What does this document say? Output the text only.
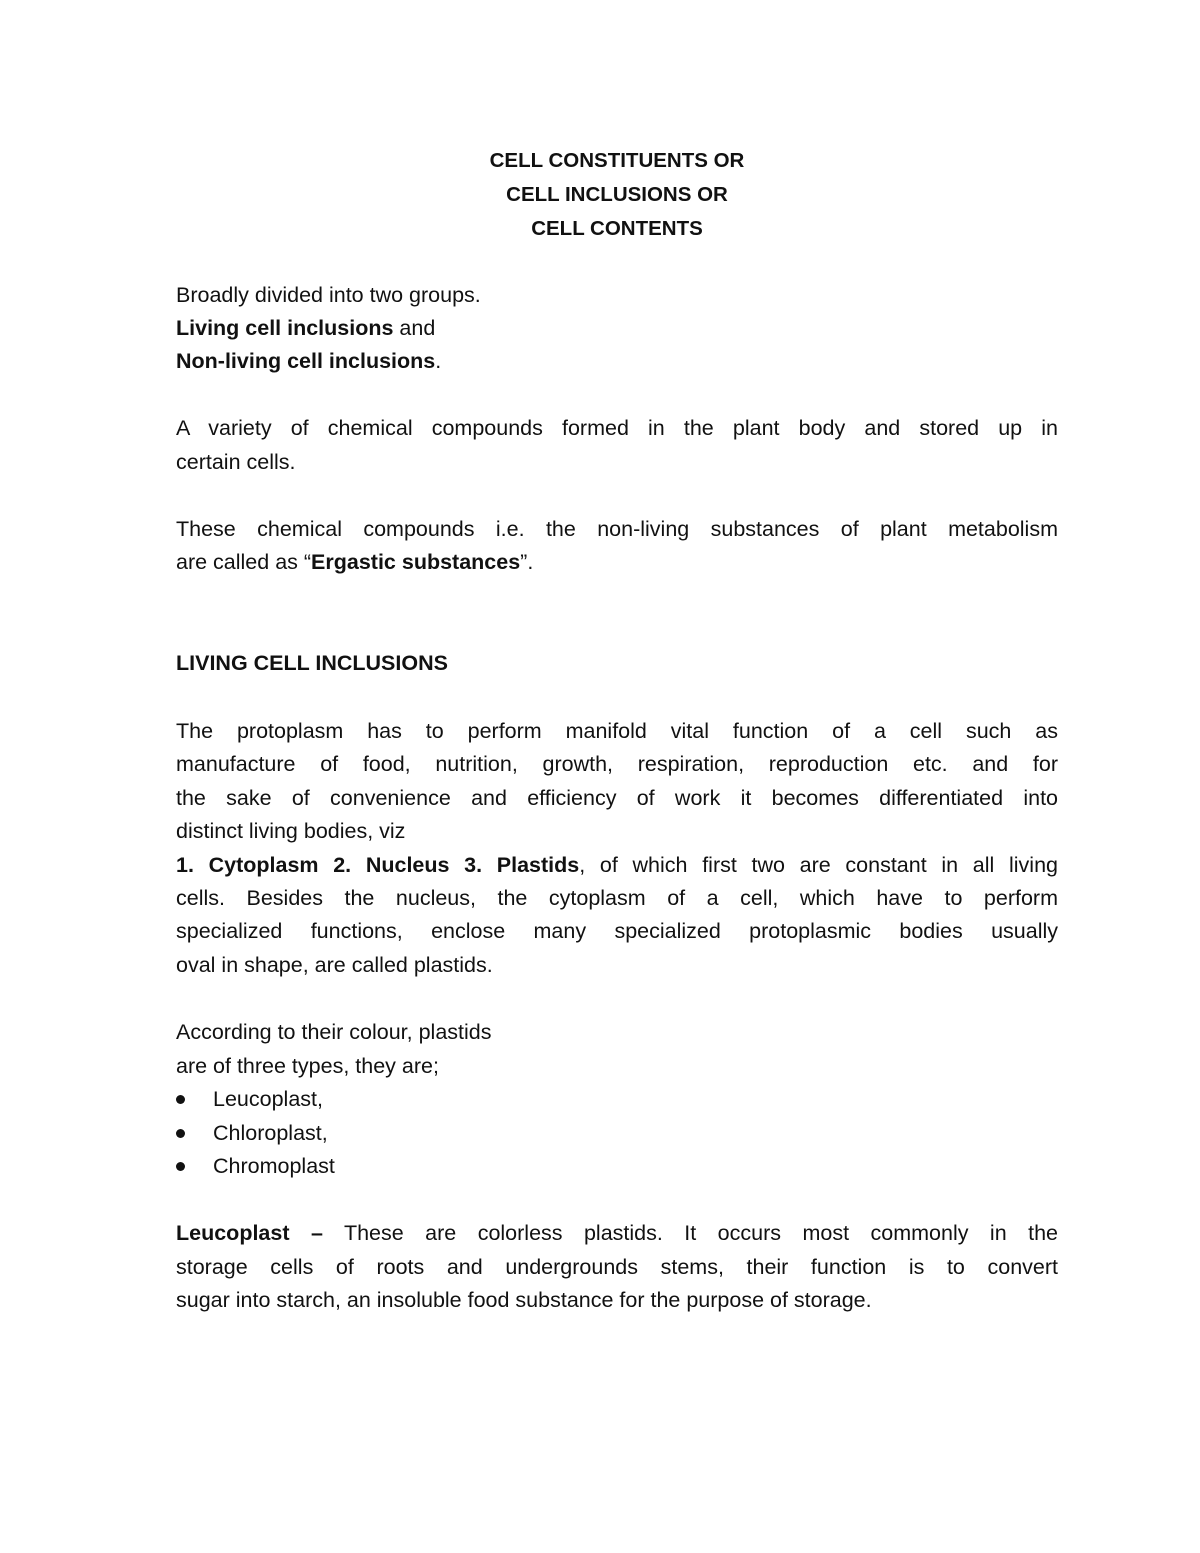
CELL CONSTITUENTS OR
CELL INCLUSIONS OR
CELL CONTENTS
Broadly divided into two groups.
Living cell inclusions and
Non-living cell inclusions.
A variety of chemical compounds formed in the plant body and stored up in
certain cells.
These chemical compounds i.e. the non-living substances of plant metabolism
are called as “Ergastic substances”.
LIVING CELL INCLUSIONS
The protoplasm has to perform manifold vital function of a cell such as
manufacture of food, nutrition, growth, respiration, reproduction etc. and for
the sake of convenience and efficiency of work it becomes differentiated into
distinct living bodies, viz
1. Cytoplasm 2. Nucleus 3. Plastids, of which first two are constant in all living
cells. Besides the nucleus, the cytoplasm of a cell, which have to perform
specialized functions, enclose many specialized protoplasmic bodies usually
oval in shape, are called plastids.
According to their colour, plastids
are of three types, they are;
Leucoplast,
Chloroplast,
Chromoplast
Leucoplast – These are colorless plastids. It occurs most commonly in the
storage cells of roots and undergrounds stems, their function is to convert
sugar into starch, an insoluble food substance for the purpose of storage.
